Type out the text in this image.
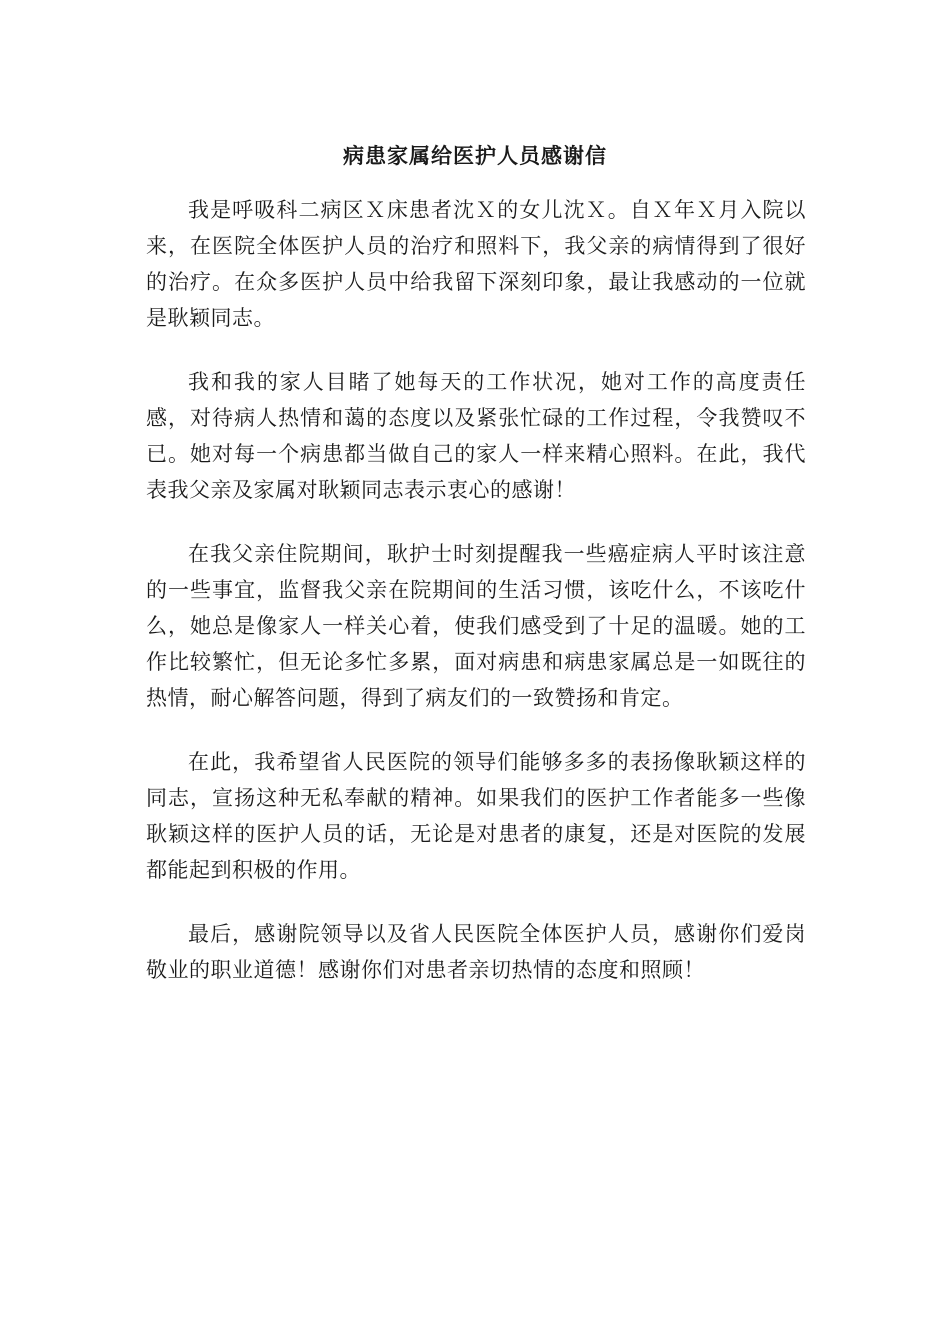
病患家属给医护人员感谢信

我是呼吸科二病区Ｘ床患者沈Ｘ的女儿沈Ｘ。自Ｘ年Ｘ月入院以来，在医院全体医护人员的治疗和照料下，我父亲的病情得到了很好的治疗。在众多医护人员中给我留下深刻印象，最让我感动的一位就是耿颖同志。

我和我的家人目睹了她每天的工作状况，她对工作的高度责任感，对待病人热情和蔼的态度以及紧张忙碌的工作过程，令我赞叹不已。她对每一个病患都当做自己的家人一样来精心照料。在此，我代表我父亲及家属对耿颖同志表示衷心的感谢！

在我父亲住院期间，耿护士时刻提醒我一些癌症病人平时该注意的一些事宜，监督我父亲在院期间的生活习惯，该吃什么，不该吃什么，她总是像家人一样关心着，使我们感受到了十足的温暖。她的工作比较繁忙，但无论多忙多累，面对病患和病患家属总是一如既往的热情，耐心解答问题，得到了病友们的一致赞扬和肯定。

在此，我希望省人民医院的领导们能够多多的表扬像耿颖这样的同志，宣扬这种无私奉献的精神。如果我们的医护工作者能多一些像耿颖这样的医护人员的话，无论是对患者的康复，还是对医院的发展都能起到积极的作用。

最后，感谢院领导以及省人民医院全体医护人员，感谢你们爱岗敬业的职业道德！感谢你们对患者亲切热情的态度和照顾！
